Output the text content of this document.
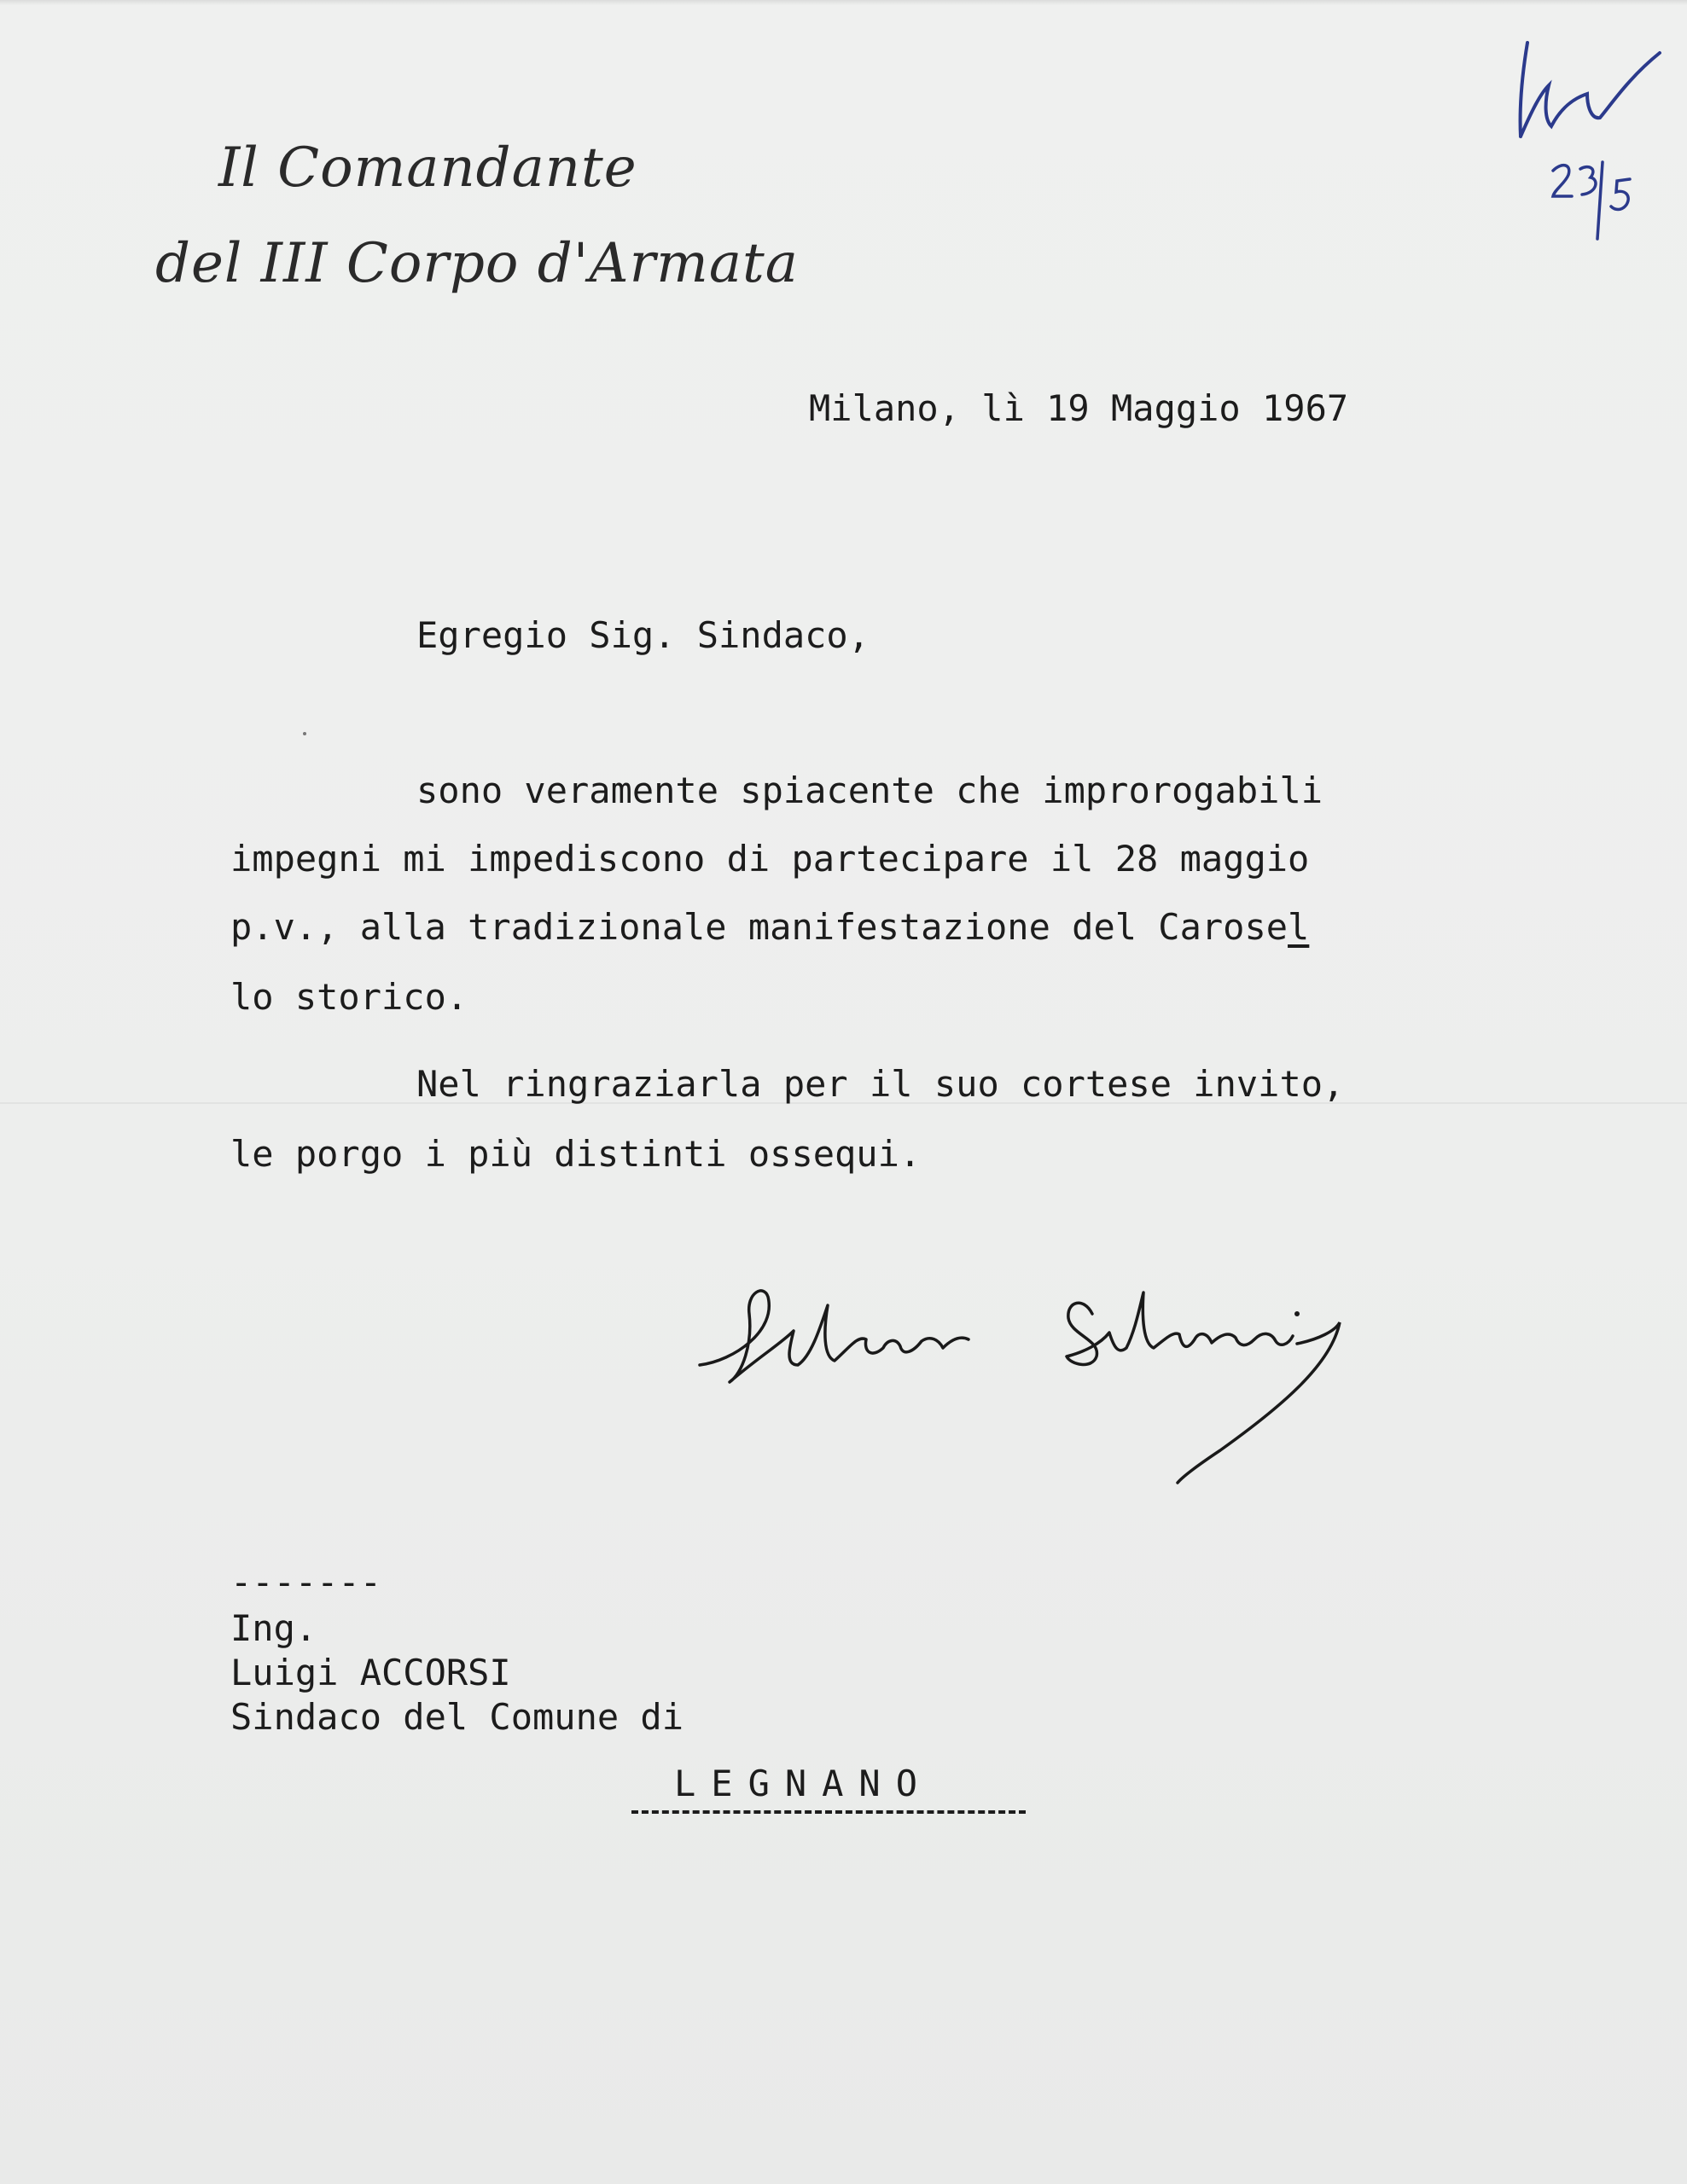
Il Comandante
del III Corpo d'Armata
Milano, lì 19 Maggio 1967
Egregio Sig. Sindaco,
sono veramente spiacente che improrogabili
impegni mi impediscono di partecipare il 28 maggio
p.v., alla tradizionale manifestazione del Carosel
lo storico.
Nel ringraziarla per il suo cortese invito,
le porgo i più distinti ossequi.
-------
Ing.
Luigi ACCORSI
Sindaco del Comune di
LEGNANO
